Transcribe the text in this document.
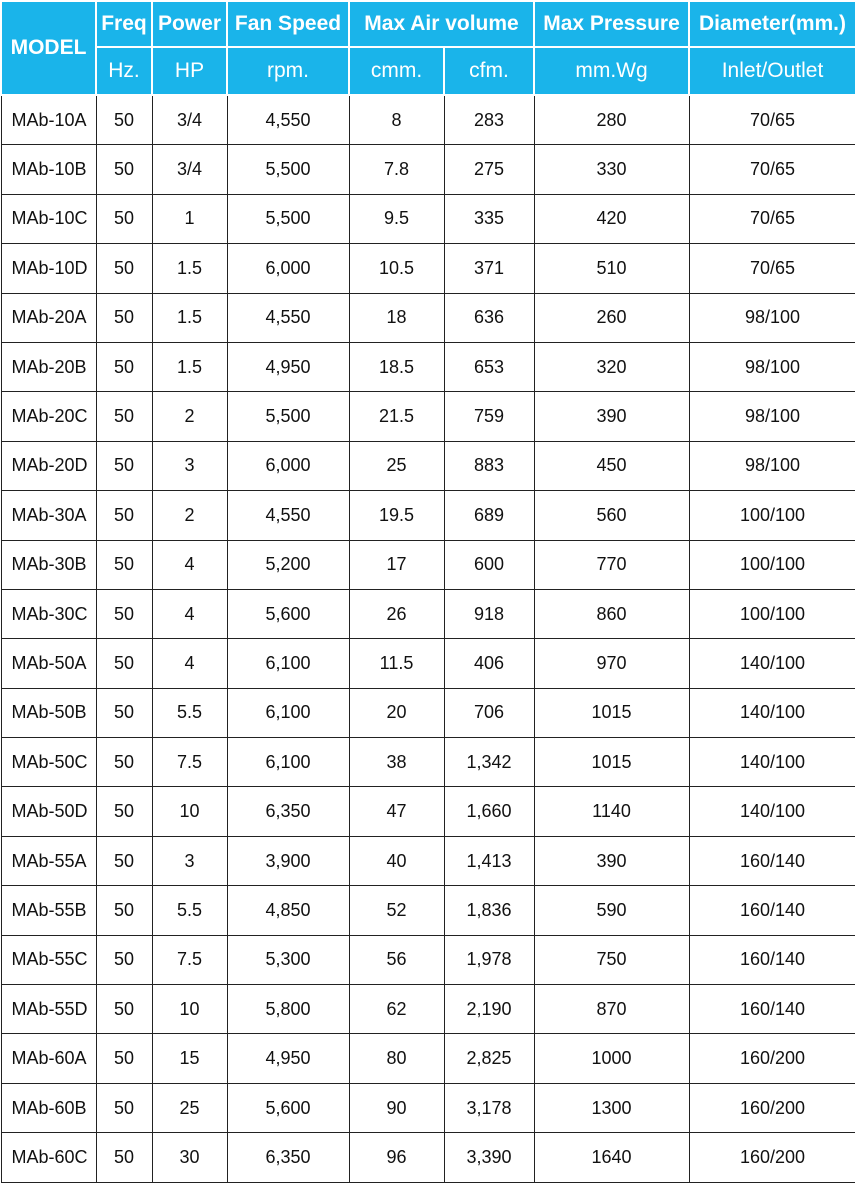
MODEL	Freq	Power	Fan Speed	Max Air volume		Max Pressure	Diameter(mm.)
	Hz.	HP	rpm.	cmm.	cfm.	mm.Wg	Inlet/Outlet
MAb-10A	50	3/4	4,550	8	283	280	70/65
MAb-10B	50	3/4	5,500	7.8	275	330	70/65
MAb-10C	50	1	5,500	9.5	335	420	70/65
MAb-10D	50	1.5	6,000	10.5	371	510	70/65
MAb-20A	50	1.5	4,550	18	636	260	98/100
MAb-20B	50	1.5	4,950	18.5	653	320	98/100
MAb-20C	50	2	5,500	21.5	759	390	98/100
MAb-20D	50	3	6,000	25	883	450	98/100
MAb-30A	50	2	4,550	19.5	689	560	100/100
MAb-30B	50	4	5,200	17	600	770	100/100
MAb-30C	50	4	5,600	26	918	860	100/100
MAb-50A	50	4	6,100	11.5	406	970	140/100
MAb-50B	50	5.5	6,100	20	706	1015	140/100
MAb-50C	50	7.5	6,100	38	1,342	1015	140/100
MAb-50D	50	10	6,350	47	1,660	1140	140/100
MAb-55A	50	3	3,900	40	1,413	390	160/140
MAb-55B	50	5.5	4,850	52	1,836	590	160/140
MAb-55C	50	7.5	5,300	56	1,978	750	160/140
MAb-55D	50	10	5,800	62	2,190	870	160/140
MAb-60A	50	15	4,950	80	2,825	1000	160/200
MAb-60B	50	25	5,600	90	3,178	1300	160/200
MAb-60C	50	30	6,350	96	3,390	1640	160/200
